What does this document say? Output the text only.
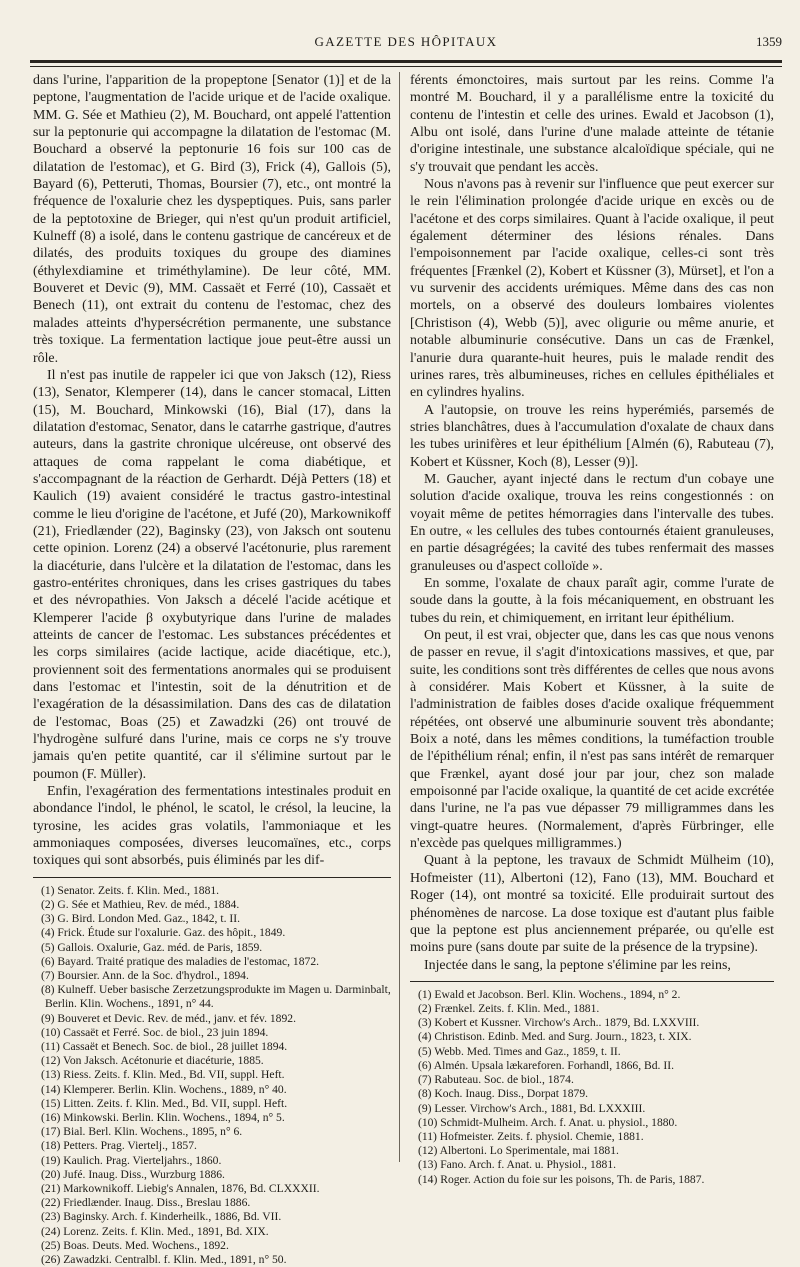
GAZETTE DES HÔPITAUX	1359

dans l'urine, l'apparition de la propeptone [Senator (1)] et de la peptone, l'augmentation de l'acide urique et de l'acide oxalique. MM. G. Sée et Mathieu (2), M. Bouchard, ont appelé l'attention sur la peptonurie qui accompagne la dilatation de l'estomac (M. Bouchard a observé la peptonurie 16 fois sur 100 cas de dilatation de l'estomac), et G. Bird (3), Frick (4), Gallois (5), Bayard (6), Petteruti, Thomas, Boursier (7), etc., ont montré la fréquence de l'oxalurie chez les dyspeptiques. Puis, sans parler de la peptotoxine de Brieger, qui n'est qu'un produit artificiel, Kulneff (8) a isolé, dans le contenu gastrique de cancéreux et de dilatés, des produits toxiques du groupe des diamines (éthylexdiamine et triméthylamine). De leur côté, MM. Bouveret et Devic (9), MM. Cassaët et Ferré (10), Cassaët et Benech (11), ont extrait du contenu de l'estomac, chez des malades atteints d'hypersécrétion permanente, une substance très toxique. La fermentation lactique joue peut-être aussi un rôle.

Il n'est pas inutile de rappeler ici que von Jaksch (12), Riess (13), Senator, Klemperer (14), dans le cancer stomacal, Litten (15), M. Bouchard, Minkowski (16), Bial (17), dans la dilatation d'estomac, Senator, dans le catarrhe gastrique, d'autres auteurs, dans la gastrite chronique ulcéreuse, ont observé des attaques de coma rappelant le coma diabétique, et s'accompagnant de la réaction de Gerhardt. Déjà Petters (18) et Kaulich (19) avaient considéré le tractus gastro-intestinal comme le lieu d'origine de l'acétone, et Jufé (20), Markownikoff (21), Friedlænder (22), Baginsky (23), von Jaksch ont soutenu cette opinion. Lorenz (24) a observé l'acétonurie, plus rarement la diacéturie, dans l'ulcère et la dilatation de l'estomac, dans les gastro-entérites chroniques, dans les crises gastriques du tabes et des névropathies. Von Jaksch a décelé l'acide acétique et Klemperer l'acide β oxybutyrique dans l'urine de malades atteints de cancer de l'estomac. Les substances précédentes et les corps similaires (acide lactique, acide diacétique, etc.), proviennent soit des fermentations anormales qui se produisent dans l'estomac et l'intestin, soit de la dénutrition et de l'exagération de la désassimilation. Dans des cas de dilatation de l'estomac, Boas (25) et Zawadzki (26) ont trouvé de l'hydrogène sulfuré dans l'urine, mais ce corps ne s'y trouve jamais qu'en petite quantité, car il s'élimine surtout par le poumon (F. Müller).

Enfin, l'exagération des fermentations intestinales produit en abondance l'indol, le phénol, le scatol, le crésol, la leucine, la tyrosine, les acides gras volatils, l'ammoniaque et les ammoniaques composées, diverses leucomaïnes, etc., corps toxiques qui sont absorbés, puis éliminés par les dif-

(1) Senator. Zeits. f. Klin. Med., 1881.
(2) G. Sée et Mathieu, Rev. de méd., 1884.
(3) G. Bird. London Med. Gaz., 1842, t. II.
(4) Frick. Étude sur l'oxalurie. Gaz. des hôpit., 1849.
(5) Gallois. Oxalurie, Gaz. méd. de Paris, 1859.
(6) Bayard. Traité pratique des maladies de l'estomac, 1872.
(7) Boursier. Ann. de la Soc. d'hydrol., 1894.
(8) Kulneff. Ueber basische Zerzetzungsprodukte im Magen u. Darminbalt, Berlin. Klin. Wochens., 1891, n° 44.
(9) Bouveret et Devic. Rev. de méd., janv. et fév. 1892.
(10) Cassaët et Ferré. Soc. de biol., 23 juin 1894.
(11) Cassaët et Benech. Soc. de biol., 28 juillet 1894.
(12) Von Jaksch. Acétonurie et diacéturie, 1885.
(13) Riess. Zeits. f. Klin. Med., Bd. VII, suppl. Heft.
(14) Klemperer. Berlin. Klin. Wochens., 1889, n° 40.
(15) Litten. Zeits. f. Klin. Med., Bd. VII, suppl. Heft.
(16) Minkowski. Berlin. Klin. Wochens., 1894, n° 5.
(17) Bial. Berl. Klin. Wochens., 1895, n° 6.
(18) Petters. Prag. Viertelj., 1857.
(19) Kaulich. Prag. Vierteljahrs., 1860.
(20) Jufé. Inaug. Diss., Wurzburg 1886.
(21) Markownikoff. Liebig's Annalen, 1876, Bd. CLXXXII.
(22) Friedlænder. Inaug. Diss., Breslau 1886.
(23) Baginsky. Arch. f. Kinderheilk., 1886, Bd. VII.
(24) Lorenz. Zeits. f. Klin. Med., 1891, Bd. XIX.
(25) Boas. Deuts. Med. Wochens., 1892.
(26) Zawadzki. Centralbl. f. Klin. Med., 1891, n° 50.

férents émonctoires, mais surtout par les reins. Comme l'a montré M. Bouchard, il y a parallélisme entre la toxicité du contenu de l'intestin et celle des urines. Ewald et Jacobson (1), Albu ont isolé, dans l'urine d'une malade atteinte de tétanie d'origine intestinale, une substance alcaloïdique spéciale, qui ne s'y trouvait que pendant les accès.

Nous n'avons pas à revenir sur l'influence que peut exercer sur le rein l'élimination prolongée d'acide urique en excès ou de l'acétone et des corps similaires. Quant à l'acide oxalique, il peut également déterminer des lésions rénales. Dans l'empoisonnement par l'acide oxalique, celles-ci sont très fréquentes [Frænkel (2), Kobert et Küssner (3), Mürset], et l'on a vu survenir des accidents urémiques. Même dans des cas non mortels, on a observé des douleurs lombaires violentes [Christison (4), Webb (5)], avec oligurie ou même anurie, et notable albuminurie consécutive. Dans un cas de Frænkel, l'anurie dura quarante-huit heures, puis le malade rendit des urines rares, très albumineuses, riches en cellules épithéliales et en cylindres hyalins.

A l'autopsie, on trouve les reins hyperémiés, parsemés de stries blanchâtres, dues à l'accumulation d'oxalate de chaux dans les tubes urinifères et leur épithélium [Almén (6), Rabuteau (7), Kobert et Küssner, Koch (8), Lesser (9)].

M. Gaucher, ayant injecté dans le rectum d'un cobaye une solution d'acide oxalique, trouva les reins congestionnés : on voyait même de petites hémorragies dans l'intervalle des tubes. En outre, « les cellules des tubes contournés étaient granuleuses, en partie désagrégées; la cavité des tubes renfermait des masses granuleuses ou d'aspect colloïde ».

En somme, l'oxalate de chaux paraît agir, comme l'urate de soude dans la goutte, à la fois mécaniquement, en obstruant les tubes du rein, et chimiquement, en irritant leur épithélium.

On peut, il est vrai, objecter que, dans les cas que nous venons de passer en revue, il s'agit d'intoxications massives, et que, par suite, les conditions sont très différentes de celles que nous avons à considérer. Mais Kobert et Küssner, à la suite de l'administration de faibles doses d'acide oxalique fréquemment répétées, ont observé une albuminurie souvent très abondante; Boix a noté, dans les mêmes conditions, la tuméfaction trouble de l'épithélium rénal; enfin, il n'est pas sans intérêt de remarquer que Frænkel, ayant dosé jour par jour, chez son malade empoisonné par l'acide oxalique, la quantité de cet acide excrétée dans l'urine, ne l'a pas vue dépasser 79 milligrammes dans les vingt-quatre heures. (Normalement, d'après Fürbringer, elle n'excède pas quelques milligrammes.)

Quant à la peptone, les travaux de Schmidt Mülheim (10), Hofmeister (11), Albertoni (12), Fano (13), MM. Bouchard et Roger (14), ont montré sa toxicité. Elle produirait surtout des phénomènes de narcose. La dose toxique est d'autant plus faible que la peptone est plus anciennement préparée, ou qu'elle est moins pure (sans doute par suite de la présence de la trypsine).

Injectée dans le sang, la peptone s'élimine par les reins,

(1) Ewald et Jacobson. Berl. Klin. Wochens., 1894, n° 2.
(2) Frænkel. Zeits. f. Klin. Med., 1881.
(3) Kobert et Kussner. Virchow's Arch.. 1879, Bd. LXXVIII.
(4) Christison. Edinb. Med. and Surg. Journ., 1823, t. XIX.
(5) Webb. Med. Times and Gaz., 1859, t. II.
(6) Almén. Upsala lækareforen. Forhandl, 1866, Bd. II.
(7) Rabuteau. Soc. de biol., 1874.
(8) Koch. Inaug. Diss., Dorpat 1879.
(9) Lesser. Virchow's Arch., 1881, Bd. LXXXIII.
(10) Schmidt-Mulheim. Arch. f. Anat. u. physiol., 1880.
(11) Hofmeister. Zeits. f. physiol. Chemie, 1881.
(12) Albertoni. Lo Sperimentale, mai 1881.
(13) Fano. Arch. f. Anat. u. Physiol., 1881.
(14) Roger. Action du foie sur les poisons, Th. de Paris, 1887.
